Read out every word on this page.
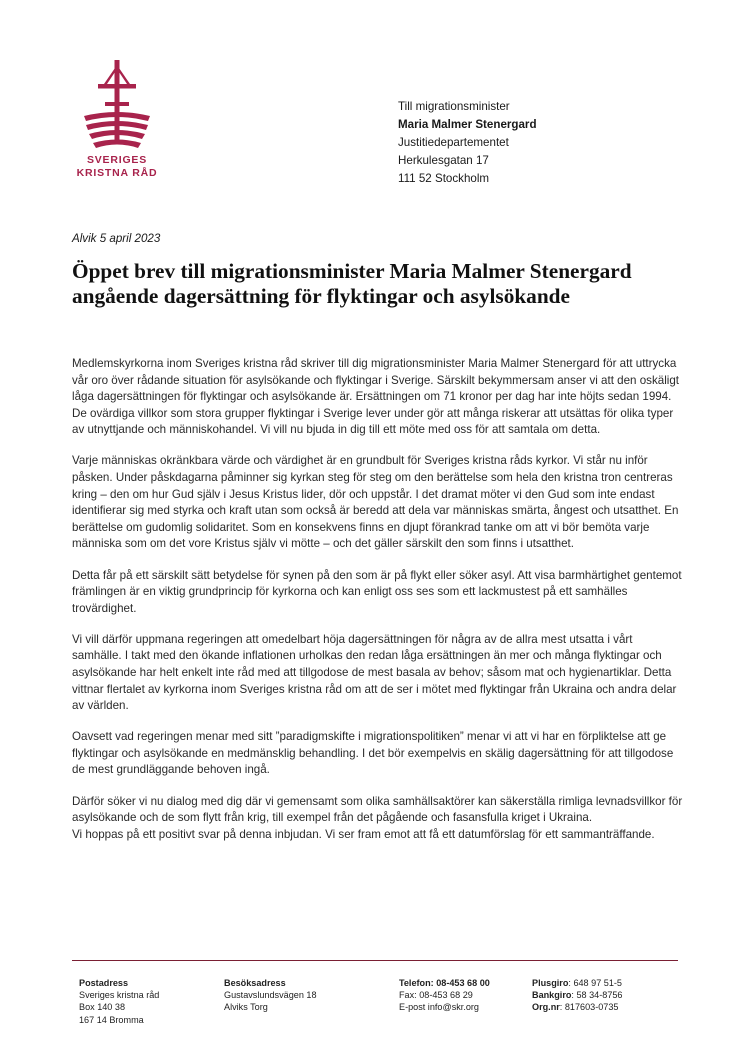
SVERIGES
KRISTNA RÅD
Till migrationsminister
Maria Malmer Stenergard
Justitiedepartementet
Herkulesgatan 17
111 52 Stockholm
Alvik 5 april 2023
Öppet brev till migrationsminister Maria Malmer Stenergard angående dagersättning för flyktingar och asylsökande

Medlemskyrkorna inom Sveriges kristna råd skriver till dig migrationsminister Maria Malmer Stenergard för att uttrycka vår oro över rådande situation för asylsökande och flyktingar i Sverige. Särskilt bekymmersam anser vi att den oskäligt låga dagersättningen för flyktingar och asylsökande är. Ersättningen om 71 kronor per dag har inte höjts sedan 1994. De ovärdiga villkor som stora grupper flyktingar i Sverige lever under gör att många riskerar att utsättas för olika typer av utnyttjande och människohandel. Vi vill nu bjuda in dig till ett möte med oss för att samtala om detta.

Varje människas okränkbara värde och värdighet är en grundbult för Sveriges kristna råds kyrkor. Vi står nu inför påsken. Under påskdagarna påminner sig kyrkan steg för steg om den berättelse som hela den kristna tron centreras kring – den om hur Gud själv i Jesus Kristus lider, dör och uppstår. I det dramat möter vi den Gud som inte endast identifierar sig med styrka och kraft utan som också är beredd att dela var människas smärta, ångest och utsatthet. En berättelse om gudomlig solidaritet. Som en konsekvens finns en djupt förankrad tanke om att vi bör bemöta varje människa som om det vore Kristus själv vi mötte – och det gäller särskilt den som finns i utsatthet.

Detta får på ett särskilt sätt betydelse för synen på den som är på flykt eller söker asyl. Att visa barmhärtighet gentemot främlingen är en viktig grundprincip för kyrkorna och kan enligt oss ses som ett lackmustest på ett samhälles trovärdighet.

Vi vill därför uppmana regeringen att omedelbart höja dagersättningen för några av de allra mest utsatta i vårt samhälle. I takt med den ökande inflationen urholkas den redan låga ersättningen än mer och många flyktingar och asylsökande har helt enkelt inte råd med att tillgodose de mest basala av behov; såsom mat och hygienartiklar. Detta vittnar flertalet av kyrkorna inom Sveriges kristna råd om att de ser i mötet med flyktingar från Ukraina och andra delar av världen.

Oavsett vad regeringen menar med sitt ”paradigmskifte i migrationspolitiken” menar vi att vi har en förpliktelse att ge flyktingar och asylsökande en medmänsklig behandling. I det bör exempelvis en skälig dagersättning för att tillgodose de mest grundläggande behoven ingå.

Därför söker vi nu dialog med dig där vi gemensamt som olika samhällsaktörer kan säkerställa rimliga levnadsvillkor för asylsökande och de som flytt från krig, till exempel från det pågående och fasansfulla kriget i Ukraina.

Vi hoppas på ett positivt svar på denna inbjudan. Vi ser fram emot att få ett datumförslag för ett sammanträffande.

Postadress
Sveriges kristna råd
Box 140 38
167 14 Bromma
Besöksadress
Gustavslundsvägen 18
Alviks Torg
Telefon: 08-453 68 00
Fax: 08-453 68 29
E-post info@skr.org
Plusgiro: 648 97 51-5
Bankgiro: 58 34-8756
Org.nr: 817603-0735
